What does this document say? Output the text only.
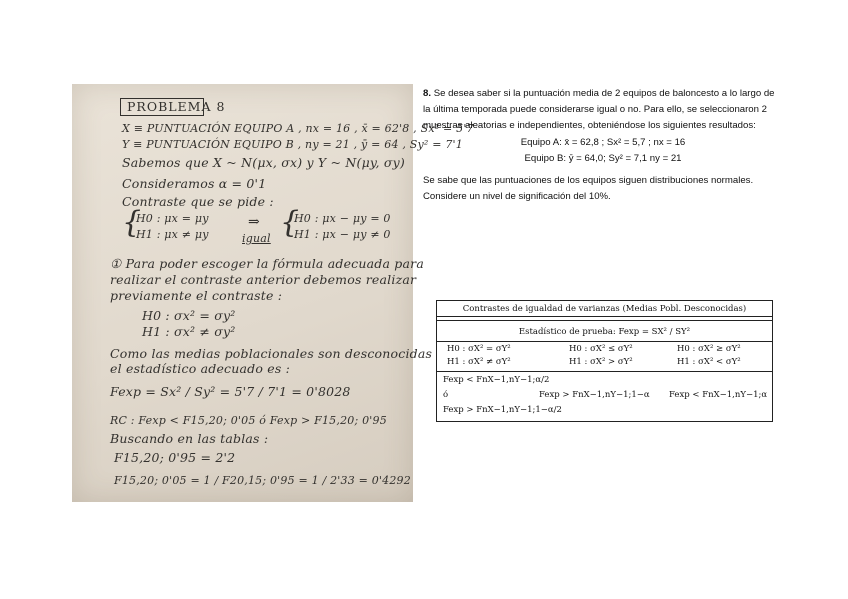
PROBLEMA 8
X ≡ PUNTUACIÓN EQUIPO A , nx = 16 , x̄ = 62'8 , Sx² = 5'7
Y ≡ PUNTUACIÓN EQUIPO B , ny = 21 , ȳ = 64 , Sy² = 7'1
Sabemos que X ~ N(μx, σx) y Y ~ N(μy, σy)
Consideramos α = 0'1
Contraste que se pide :
{
H0 : μx = μy
H1 : μx ≠ μy
⇒
igual {
H0 : μx − μy = 0
H1 : μx − μy ≠ 0
① Para poder escoger la fórmula adecuada para
realizar el contraste anterior debemos realizar
previamente el contraste :
H0 : σx² = σy²
H1 : σx² ≠ σy²
Como las medias poblacionales son desconocidas
el estadístico adecuado es :
Fexp = Sx² / Sy² = 5'7 / 7'1 = 0'8028
RC : Fexp < F15,20; 0'05 ó Fexp > F15,20; 0'95
Buscando en las tablas :
F15,20; 0'95 = 2'2
F15,20; 0'05 = 1 / F20,15; 0'95 = 1 / 2'33 = 0'4292

8. Se desea saber si la puntuación media de 2 equipos de baloncesto a lo largo de la última temporada puede considerarse igual o no. Para ello, se seleccionaron 2 muestras aleatorias e independientes, obteniéndose los siguientes resultados:

Equipo A: x̄ = 62,8 ; Sx² = 5,7 ; nx = 16

Equipo B: ȳ = 64,0; Sy² = 7,1 ny = 21

Se sabe que las puntuaciones de los equipos siguen distribuciones normales. Considere un nivel de significación del 10%.

Contrastes de igualdad de varianzas (Medias Pobl. Desconocidas)
Estadístico de prueba: Fexp = SX² / SY²
H0 : σX² = σY²
H1 : σX² ≠ σY²
H0 : σX² ≤ σY²
H1 : σX² > σY²
H0 : σX² ≥ σY²
H1 : σX² < σY²
Fexp < FnX−1,nY−1;α/2
ó
Fexp > FnX−1,nY−1;1−α/2
Fexp > FnX−1,nY−1;1−α Fexp < FnX−1,nY−1;α
